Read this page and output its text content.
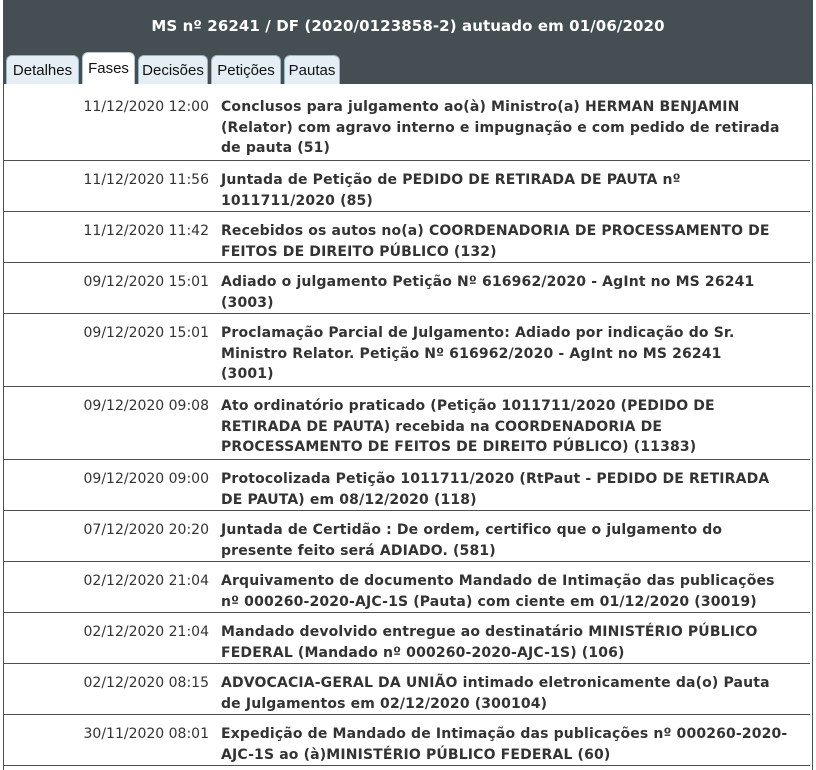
MS nº 26241 / DF (2020/0123858-2) autuado em 01/06/2020
Detalhes	Fases Decisões Petições Pautas
11/12/2020 12:00 Conclusos para julgamento ao(à) Ministro(a) HERMAN BENJAMIN
(Relator) com agravo interno e impugnação e com pedido de retirada
de pauta (51)
11/12/2020 11:56 Juntada de Petição de PEDIDO DE RETIRADA DE PAUTA nº
1011711/2020 (85)
11/12/2020 11:42 Recebidos os autos no(a) COORDENADORIA DE PROCESSAMENTO DE
FEITOS DE DIREITO PÚBLICO (132)
09/12/2020 15:01 Adiado o julgamento Petição Nº 616962/2020 - AgInt no MS 26241
(3003)
09/12/2020 15:01 Proclamação Parcial de Julgamento: Adiado por indicação do Sr.
Ministro Relator. Petição Nº 616962/2020 - AgInt no MS 26241
(3001)
09/12/2020 09:08 Ato ordinatório praticado (Petição 1011711/2020 (PEDIDO DE
RETIRADA DE PAUTA) recebida na COORDENADORIA DE
PROCESSAMENTO DE FEITOS DE DIREITO PÚBLICO) (11383)
09/12/2020 09:00 Protocolizada Petição 1011711/2020 (RtPaut - PEDIDO DE RETIRADA
DE PAUTA) em 08/12/2020 (118)
07/12/2020 20:20 Juntada de Certidão : De ordem, certifico que o julgamento do
presente feito será ADIADO. (581)
02/12/2020 21:04 Arquivamento de documento Mandado de Intimação das publicações
nº 000260-2020-AJC-1S (Pauta) com ciente em 01/12/2020 (30019)
02/12/2020 21:04 Mandado devolvido entregue ao destinatário MINISTÉRIO PÚBLICO
FEDERAL (Mandado nº 000260-2020-AJC-1S) (106)
02/12/2020 08:15 ADVOCACIA-GERAL DA UNIÃO intimado eletronicamente da(o) Pauta
de Julgamentos em 02/12/2020 (300104)
30/11/2020 08:01 Expedição de Mandado de Intimação das publicações nº 000260-2020-
AJC-1S ao (à)MINISTÉRIO PÚBLICO FEDERAL (60)
